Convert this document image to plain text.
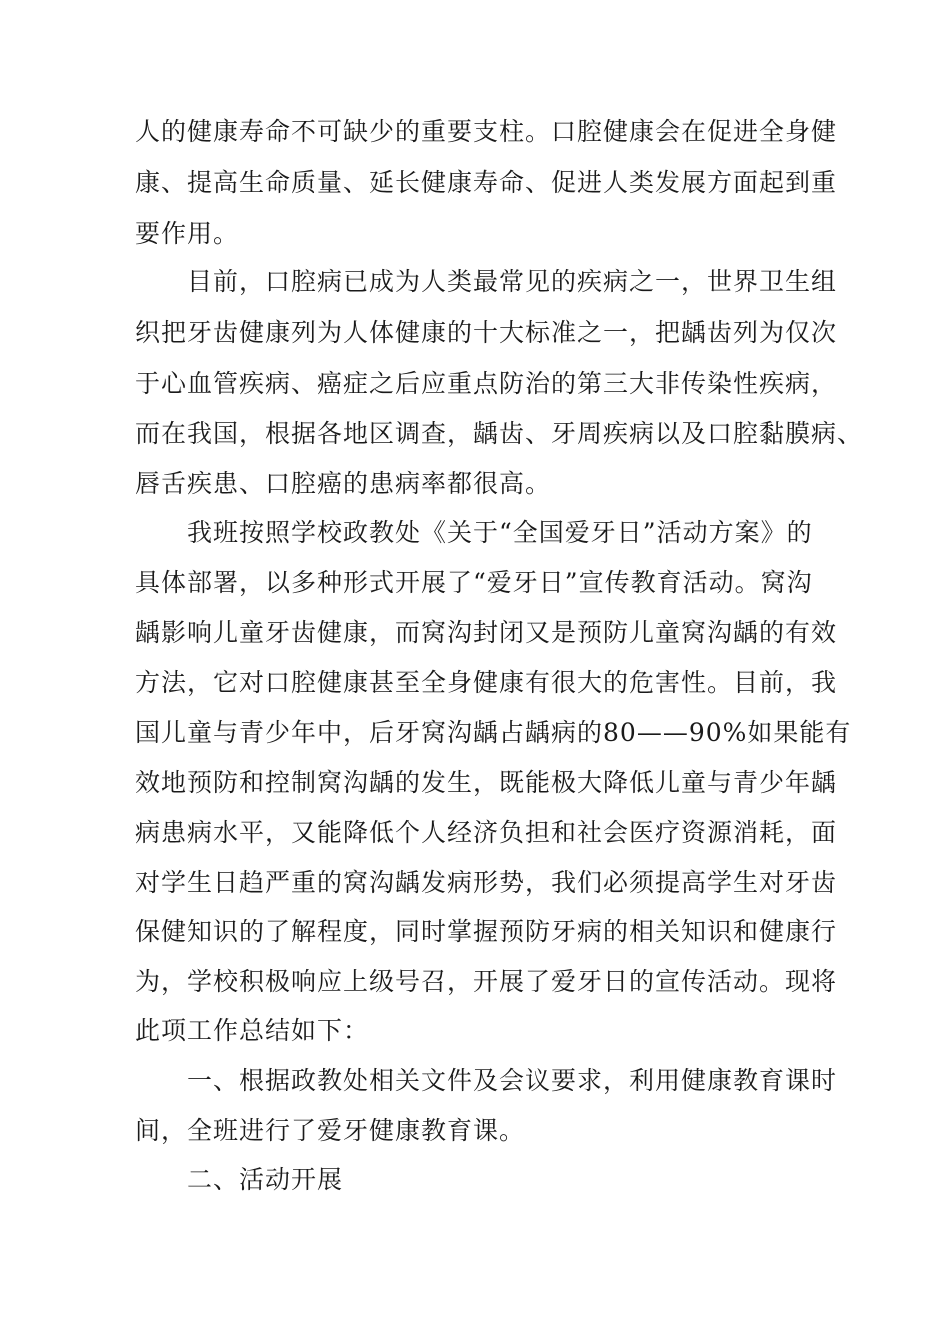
人的健康寿命不可缺少的重要支柱。口腔健康会在促进全身健
康、提高生命质量、延长健康寿命、促进人类发展方面起到重
要作用。
目前，口腔病已成为人类最常见的疾病之一，世界卫生组
织把牙齿健康列为人体健康的十大标准之一，把龋齿列为仅次
于心血管疾病、癌症之后应重点防治的第三大非传染性疾病，
而在我国，根据各地区调查，龋齿、牙周疾病以及口腔黏膜病、
唇舌疾患、口腔癌的患病率都很高。
我班按照学校政教处《关于“全国爱牙日”活动方案》的
具体部署，以多种形式开展了“爱牙日”宣传教育活动。窝沟
龋影响儿童牙齿健康，而窝沟封闭又是预防儿童窝沟龋的有效
方法，它对口腔健康甚至全身健康有很大的危害性。目前，我
国儿童与青少年中，后牙窝沟龋占龋病的80——90%如果能有
效地预防和控制窝沟龋的发生，既能极大降低儿童与青少年龋
病患病水平，又能降低个人经济负担和社会医疗资源消耗，面
对学生日趋严重的窝沟龋发病形势，我们必须提高学生对牙齿
保健知识的了解程度，同时掌握预防牙病的相关知识和健康行
为，学校积极响应上级号召，开展了爱牙日的宣传活动。现将
此项工作总结如下：
一、根据政教处相关文件及会议要求，利用健康教育课时
间，全班进行了爱牙健康教育课。
二、活动开展
